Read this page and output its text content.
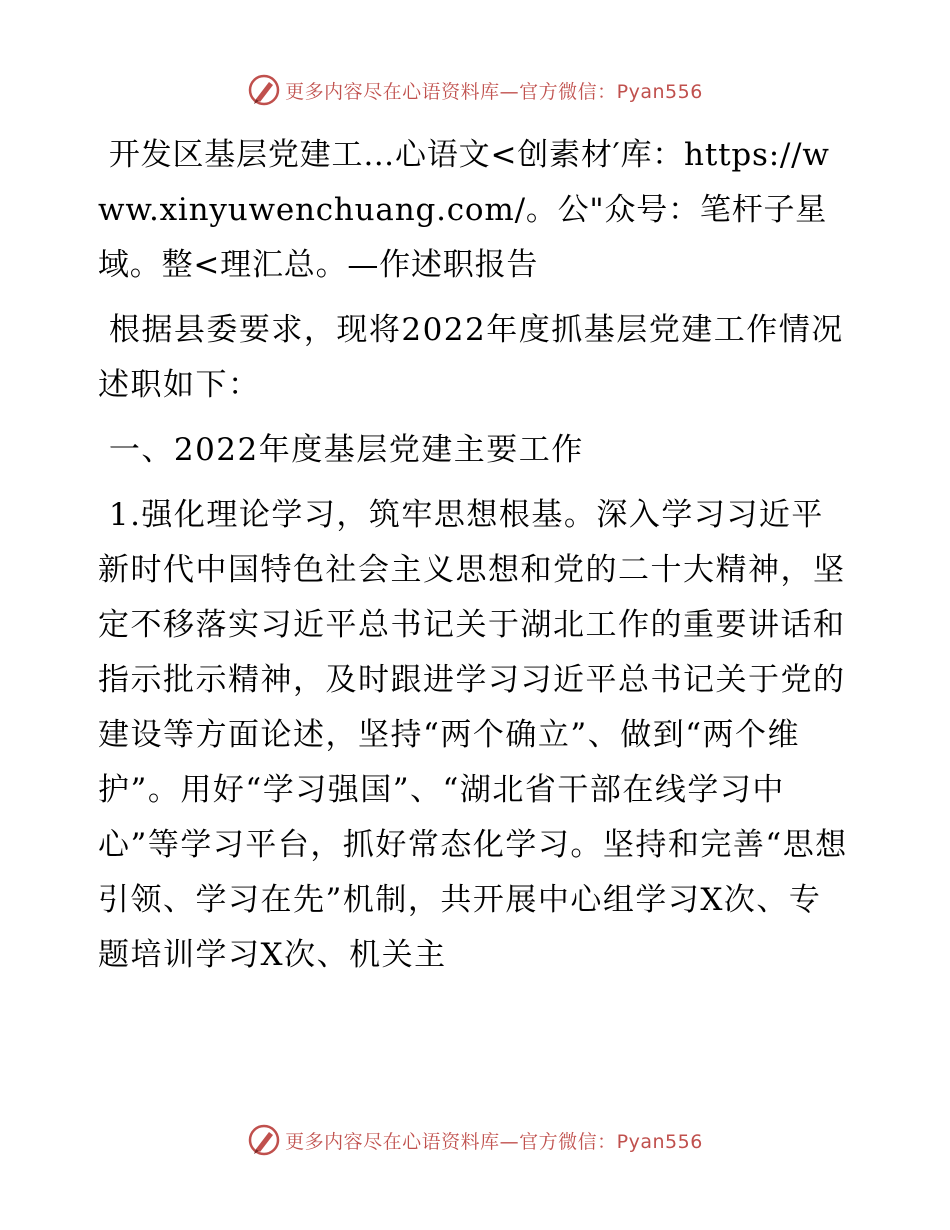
更多内容尽在心语资料库—官方微信：Pyan556

开发区基层党建工…心语文<创素材′库：https://www.xinyuwenchuang.com/。公"众号：笔杆子星域。整<理汇总。—作述职报告

根据县委要求，现将2022年度抓基层党建工作情况述职如下：

一、2022年度基层党建主要工作

1.强化理论学习，筑牢思想根基。深入学习习近平新时代中国特色社会主义思想和党的二十大精神，坚定不移落实习近平总书记关于湖北工作的重要讲话和指示批示精神，及时跟进学习习近平总书记关于党的建设等方面论述，坚持“两个确立”、做到“两个维护”。用好“学习强国”、“湖北省干部在线学习中心”等学习平台，抓好常态化学习。坚持和完善“思想引领、学习在先”机制，共开展中心组学习X次、专题培训学习X次、机关主

更多内容尽在心语资料库—官方微信：Pyan556
